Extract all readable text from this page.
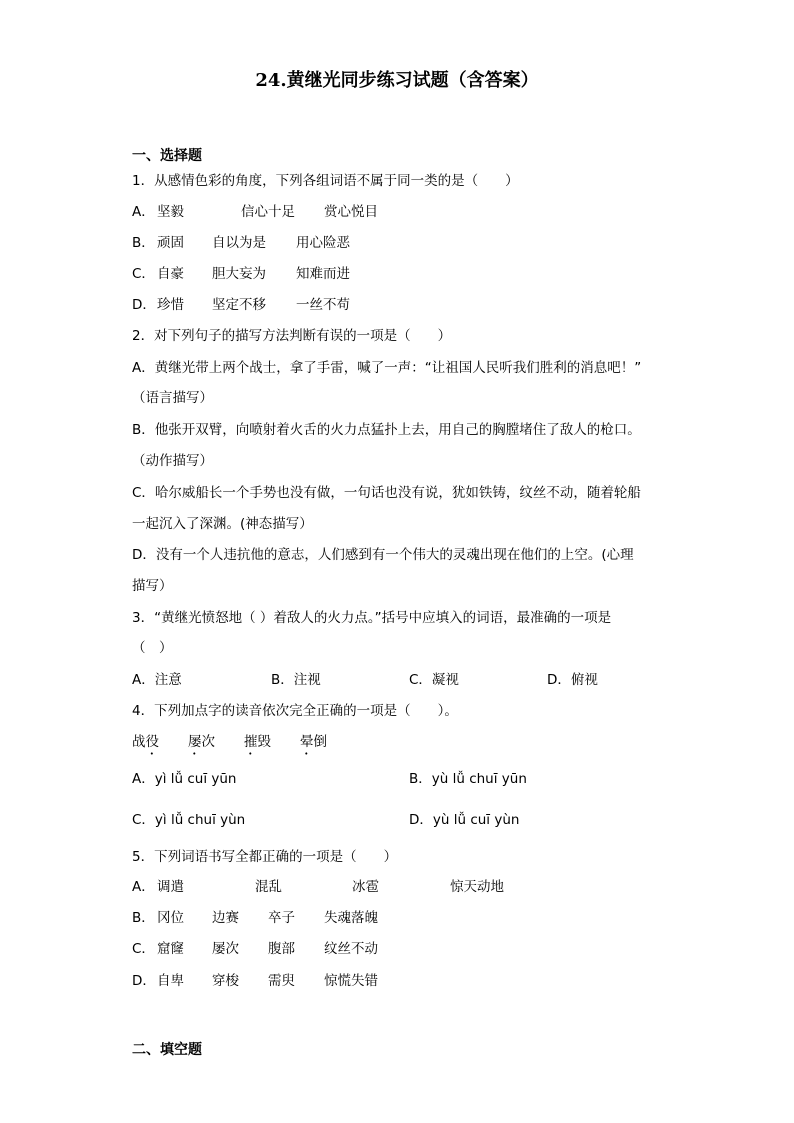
24.黄继光同步练习试题（含答案）
一、选择题
1．从感情色彩的角度，下列各组词语不属于同一类的是（　　）
A． 坚毅	信心十足 赏心悦目
B． 顽固 自以为是 用心险恶
C． 自豪 胆大妄为 知难而进
D． 珍惜 坚定不移 一丝不苟
2．对下列句子的描写方法判断有误的一项是（　　）
A．黄继光带上两个战士，拿了手雷，喊了一声：“让祖国人民听我们胜利的消息吧！”
（语言描写）
B．他张开双臂，向喷射着火舌的火力点猛扑上去，用自己的胸膛堵住了敌人的枪口。
（动作描写）
C．哈尔威船长一个手势也没有做，一句话也没有说，犹如铁铸，纹丝不动，随着轮船
一起沉入了深渊。(神态描写）
D．没有一个人违抗他的意志，人们感到有一个伟大的灵魂出现在他们的上空。(心理
描写）
3．“黄继光愤怒地（ ）着敌人的火力点。”括号中应填入的词语，最准确的一项是
（　）
A．注意	B．注视	C．凝视	D．俯视
4．下列加点字的读音依次完全正确的一项是（　　）。
战役 屡次 摧毁 晕倒
A．yì lǚ cuī yūn	B．yù lǚ chuī yūn
C．yì lǚ chuī yùn	D．yù lǚ cuī yùn
5．下列词语书写全都正确的一项是（　　）
A． 调遣	混乱	冰雹	惊天动地
B． 冈位 边赛 卒子 失魂落魄
C． 窟窿 屡次 腹部 纹丝不动
D． 自卑 穿梭 需臾 惊慌失错
二、填空题
